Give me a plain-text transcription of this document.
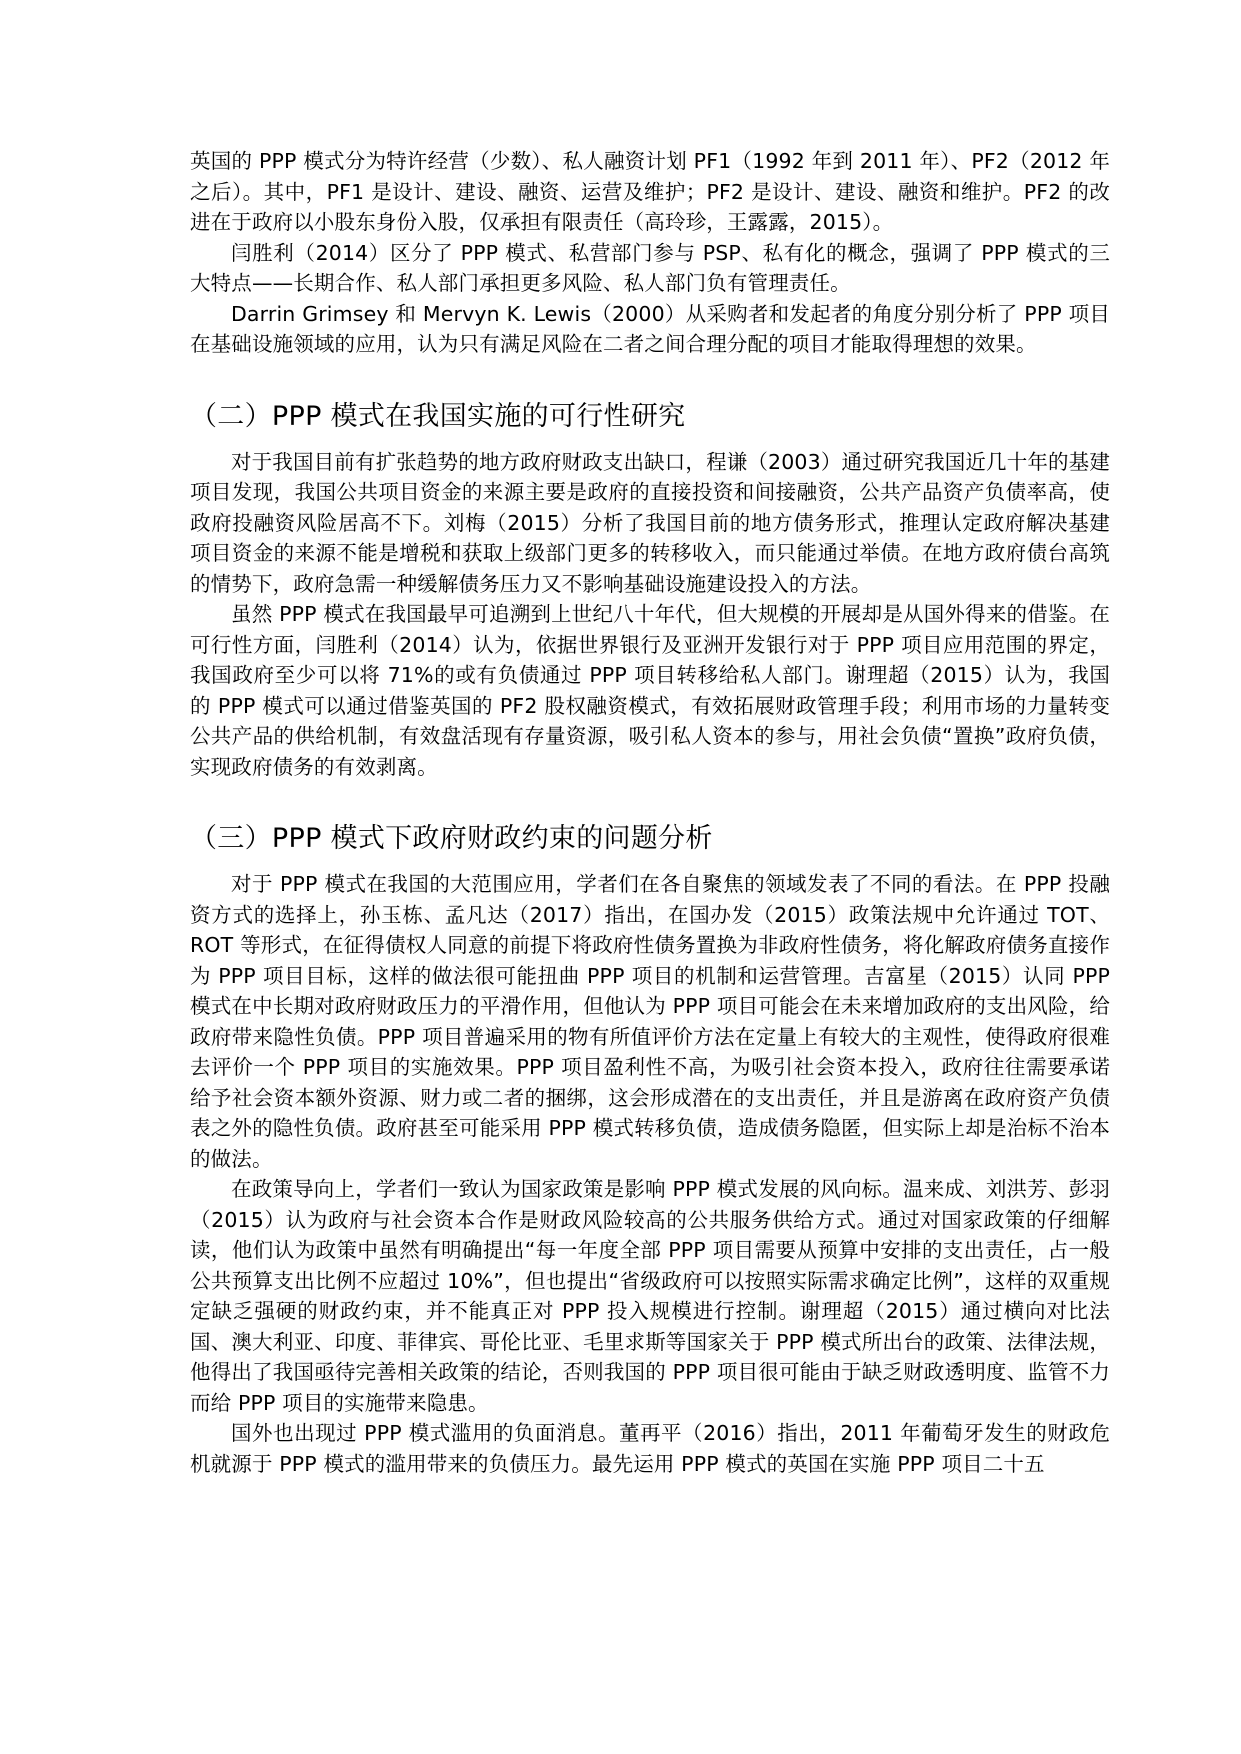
英国的 PPP 模式分为特许经营（少数）、私人融资计划 PF1（1992 年到 2011 年）、PF2（2012 年之后）。其中，PF1 是设计、建设、融资、运营及维护；PF2 是设计、建设、融资和维护。PF2 的改进在于政府以小股东身份入股，仅承担有限责任（高玲珍，王露露，2015）。

闫胜利（2014）区分了 PPP 模式、私营部门参与 PSP、私有化的概念，强调了 PPP 模式的三大特点——长期合作、私人部门承担更多风险、私人部门负有管理责任。

Darrin Grimsey 和 Mervyn K. Lewis（2000）从采购者和发起者的角度分别分析了 PPP 项目在基础设施领域的应用，认为只有满足风险在二者之间合理分配的项目才能取得理想的效果。

（二）PPP 模式在我国实施的可行性研究

对于我国目前有扩张趋势的地方政府财政支出缺口，程谦（2003）通过研究我国近几十年的基建项目发现，我国公共项目资金的来源主要是政府的直接投资和间接融资，公共产品资产负债率高，使政府投融资风险居高不下。刘梅（2015）分析了我国目前的地方债务形式，推理认定政府解决基建项目资金的来源不能是增税和获取上级部门更多的转移收入，而只能通过举债。在地方政府债台高筑的情势下，政府急需一种缓解债务压力又不影响基础设施建设投入的方法。

虽然 PPP 模式在我国最早可追溯到上世纪八十年代，但大规模的开展却是从国外得来的借鉴。在可行性方面，闫胜利（2014）认为，依据世界银行及亚洲开发银行对于 PPP 项目应用范围的界定，我国政府至少可以将 71%的或有负债通过 PPP 项目转移给私人部门。谢理超（2015）认为，我国的 PPP 模式可以通过借鉴英国的 PF2 股权融资模式，有效拓展财政管理手段；利用市场的力量转变公共产品的供给机制，有效盘活现有存量资源，吸引私人资本的参与，用社会负债“置换”政府负债，实现政府债务的有效剥离。

（三）PPP 模式下政府财政约束的问题分析

对于 PPP 模式在我国的大范围应用，学者们在各自聚焦的领域发表了不同的看法。在 PPP 投融资方式的选择上，孙玉栋、孟凡达（2017）指出，在国办发（2015）政策法规中允许通过 TOT、ROT 等形式，在征得债权人同意的前提下将政府性债务置换为非政府性债务，将化解政府债务直接作为 PPP 项目目标，这样的做法很可能扭曲 PPP 项目的机制和运营管理。吉富星（2015）认同 PPP 模式在中长期对政府财政压力的平滑作用，但他认为 PPP 项目可能会在未来增加政府的支出风险，给政府带来隐性负债。PPP 项目普遍采用的物有所值评价方法在定量上有较大的主观性，使得政府很难去评价一个 PPP 项目的实施效果。PPP 项目盈利性不高，为吸引社会资本投入，政府往往需要承诺给予社会资本额外资源、财力或二者的捆绑，这会形成潜在的支出责任，并且是游离在政府资产负债表之外的隐性负债。政府甚至可能采用 PPP 模式转移负债，造成债务隐匿，但实际上却是治标不治本的做法。

在政策导向上，学者们一致认为国家政策是影响 PPP 模式发展的风向标。温来成、刘洪芳、彭羽（2015）认为政府与社会资本合作是财政风险较高的公共服务供给方式。通过对国家政策的仔细解读，他们认为政策中虽然有明确提出“每一年度全部 PPP 项目需要从预算中安排的支出责任，占一般公共预算支出比例不应超过 10%”，但也提出“省级政府可以按照实际需求确定比例”，这样的双重规定缺乏强硬的财政约束，并不能真正对 PPP 投入规模进行控制。谢理超（2015）通过横向对比法国、澳大利亚、印度、菲律宾、哥伦比亚、毛里求斯等国家关于 PPP 模式所出台的政策、法律法规，他得出了我国亟待完善相关政策的结论，否则我国的 PPP 项目很可能由于缺乏财政透明度、监管不力而给 PPP 项目的实施带来隐患。

国外也出现过 PPP 模式滥用的负面消息。董再平（2016）指出，2011 年葡萄牙发生的财政危机就源于 PPP 模式的滥用带来的负债压力。最先运用 PPP 模式的英国在实施 PPP 项目二十五
